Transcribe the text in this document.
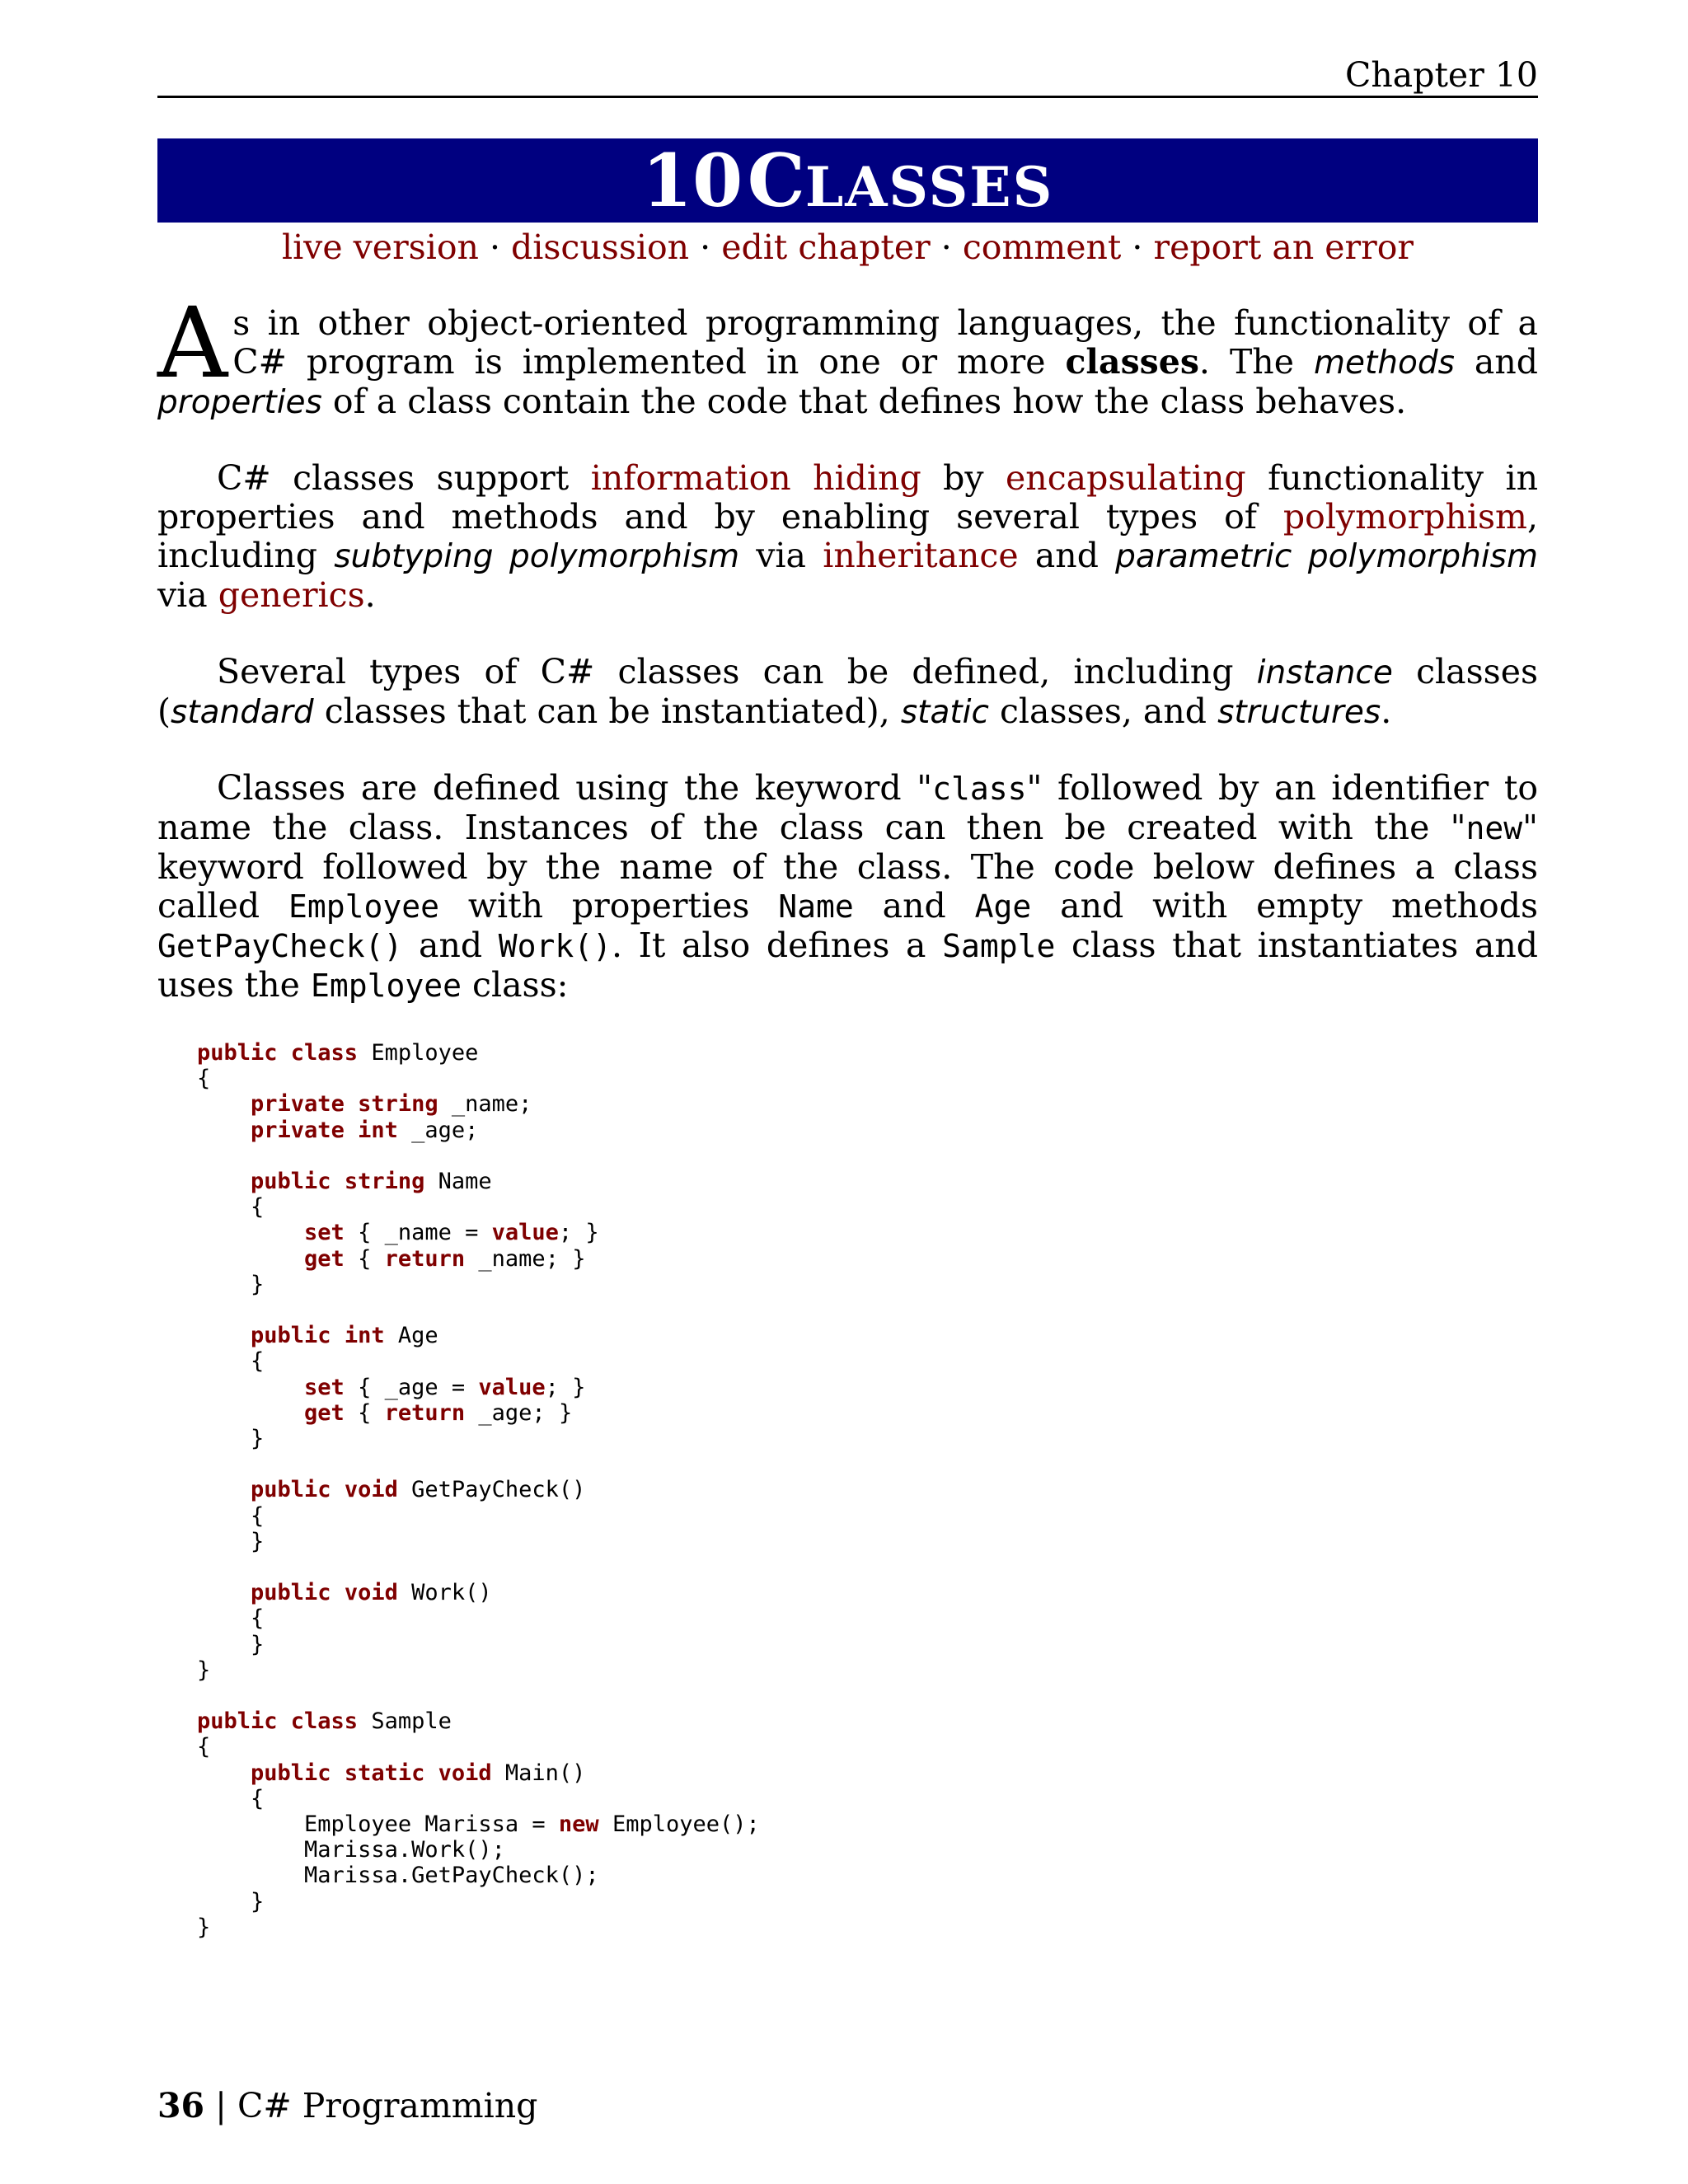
Chapter 10
10 CLASSES
live version · discussion · edit chapter · comment · report an error
As in other object-oriented programming languages, the functionality of a C# program is implemented in one or more classes. The methods and properties of a class contain the code that defines how the class behaves.
C# classes support information hiding by encapsulating functionality in properties and methods and by enabling several types of polymorphism, including subtyping polymorphism via inheritance and parametric polymorphism via generics.
Several types of C# classes can be defined, including instance classes (standard classes that can be instantiated), static classes, and structures.
Classes are defined using the keyword "class" followed by an identifier to name the class. Instances of the class can then be created with the "new" keyword followed by the name of the class. The code below defines a class called Employee with properties Name and Age and with empty methods GetPayCheck() and Work(). It also defines a Sample class that instantiates and uses the Employee class:
public class Employee
{
private string _name;
private int _age;
public string Name
{
set { _name = value; }
get { return _name; }
}
public int Age
{
set { _age = value; }
get { return _age; }
}
public void GetPayCheck()
{
}
public void Work()
{
}
}
public class Sample
{
public static void Main()
{
Employee Marissa = new Employee();
Marissa.Work();
Marissa.GetPayCheck();
}
}
36 | C# Programming
